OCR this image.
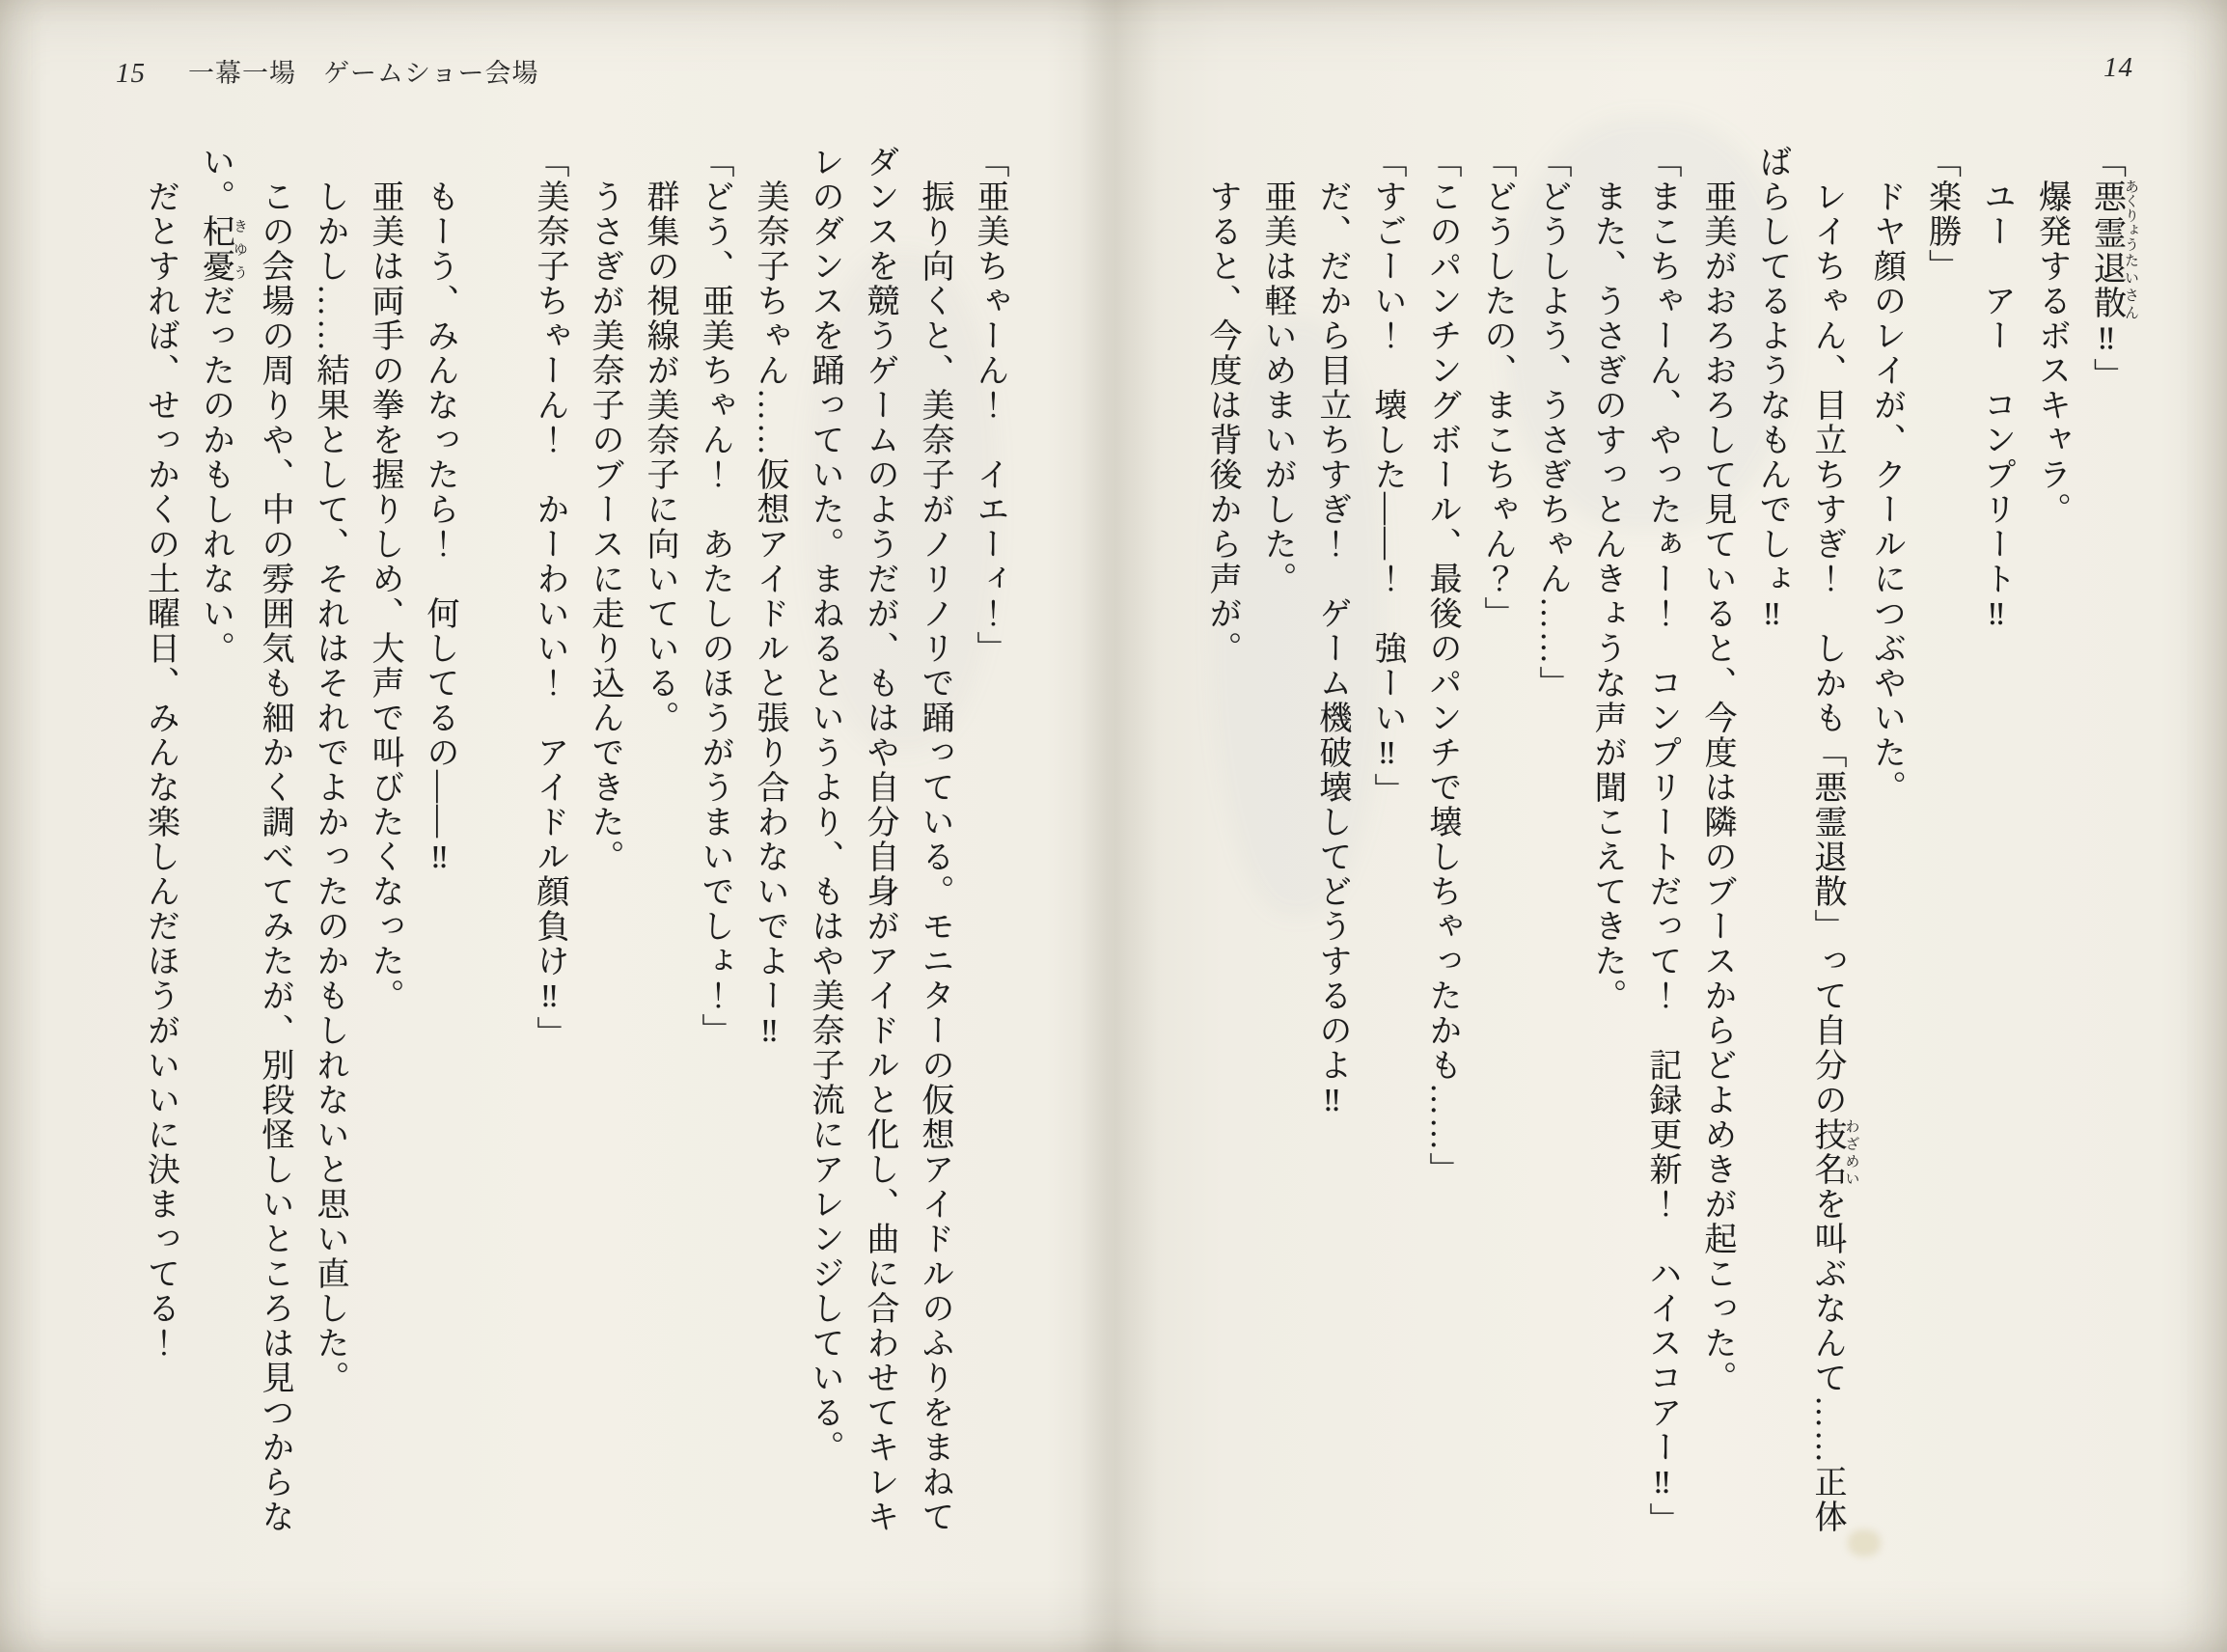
15 一幕一場　ゲームショー会場	14

「悪霊あくりょう退散たいさん‼」

爆発するボスキャラ。

ユー　アー　コンプリート‼

「楽勝」

ドヤ顔のレイが、クールにつぶやいた。

レイちゃん、目立ちすぎ！　しかも「悪霊退散」って自分の技名わざめいを叫ぶなんて……正体

ばらしてるようなもんでしょ‼

亜美がおろおろして見ていると、今度は隣のブースからどよめきが起こった。

「まこちゃーん、やったぁー！　コンプリートだって！　記録更新！　ハイスコアー‼」

また、うさぎのすっとんきょうな声が聞こえてきた。

「どうしよう、うさぎちゃん……」

「どうしたの、まこちゃん？」

「このパンチングボール、最後のパンチで壊しちゃったかも……」

「すごーい！　壊した――！　強ーい‼」

だ、だから目立ちすぎ！　ゲーム機破壊してどうするのよ‼

亜美は軽いめまいがした。

すると、今度は背後から声が。

「亜美ちゃーん！　イエーィ！」

振り向くと、美奈子がノリノリで踊っている。モニターの仮想アイドルのふりをまねて

ダンスを競うゲームのようだが、もはや自分自身がアイドルと化し、曲に合わせてキレキ

レのダンスを踊っていた。まねるというより、もはや美奈子流にアレンジしている。

美奈子ちゃん……仮想アイドルと張り合わないでよー‼

「どう、亜美ちゃん！　あたしのほうがうまいでしょ！」

群集の視線が美奈子に向いている。

うさぎが美奈子のブースに走り込んできた。

「美奈子ちゃーん！　かーわいい！　アイドル顔負け‼」

もーう、みんなったら！　何してるの――‼

亜美は両手の拳を握りしめ、大声で叫びたくなった。

しかし……結果として、それはそれでよかったのかもしれないと思い直した。

この会場の周りや、中の雰囲気も細かく調べてみたが、別段怪しいところは見つからな

い。杞憂きゆうだったのかもしれない。

だとすれば、せっかくの土曜日、みんな楽しんだほうがいいに決まってる！
